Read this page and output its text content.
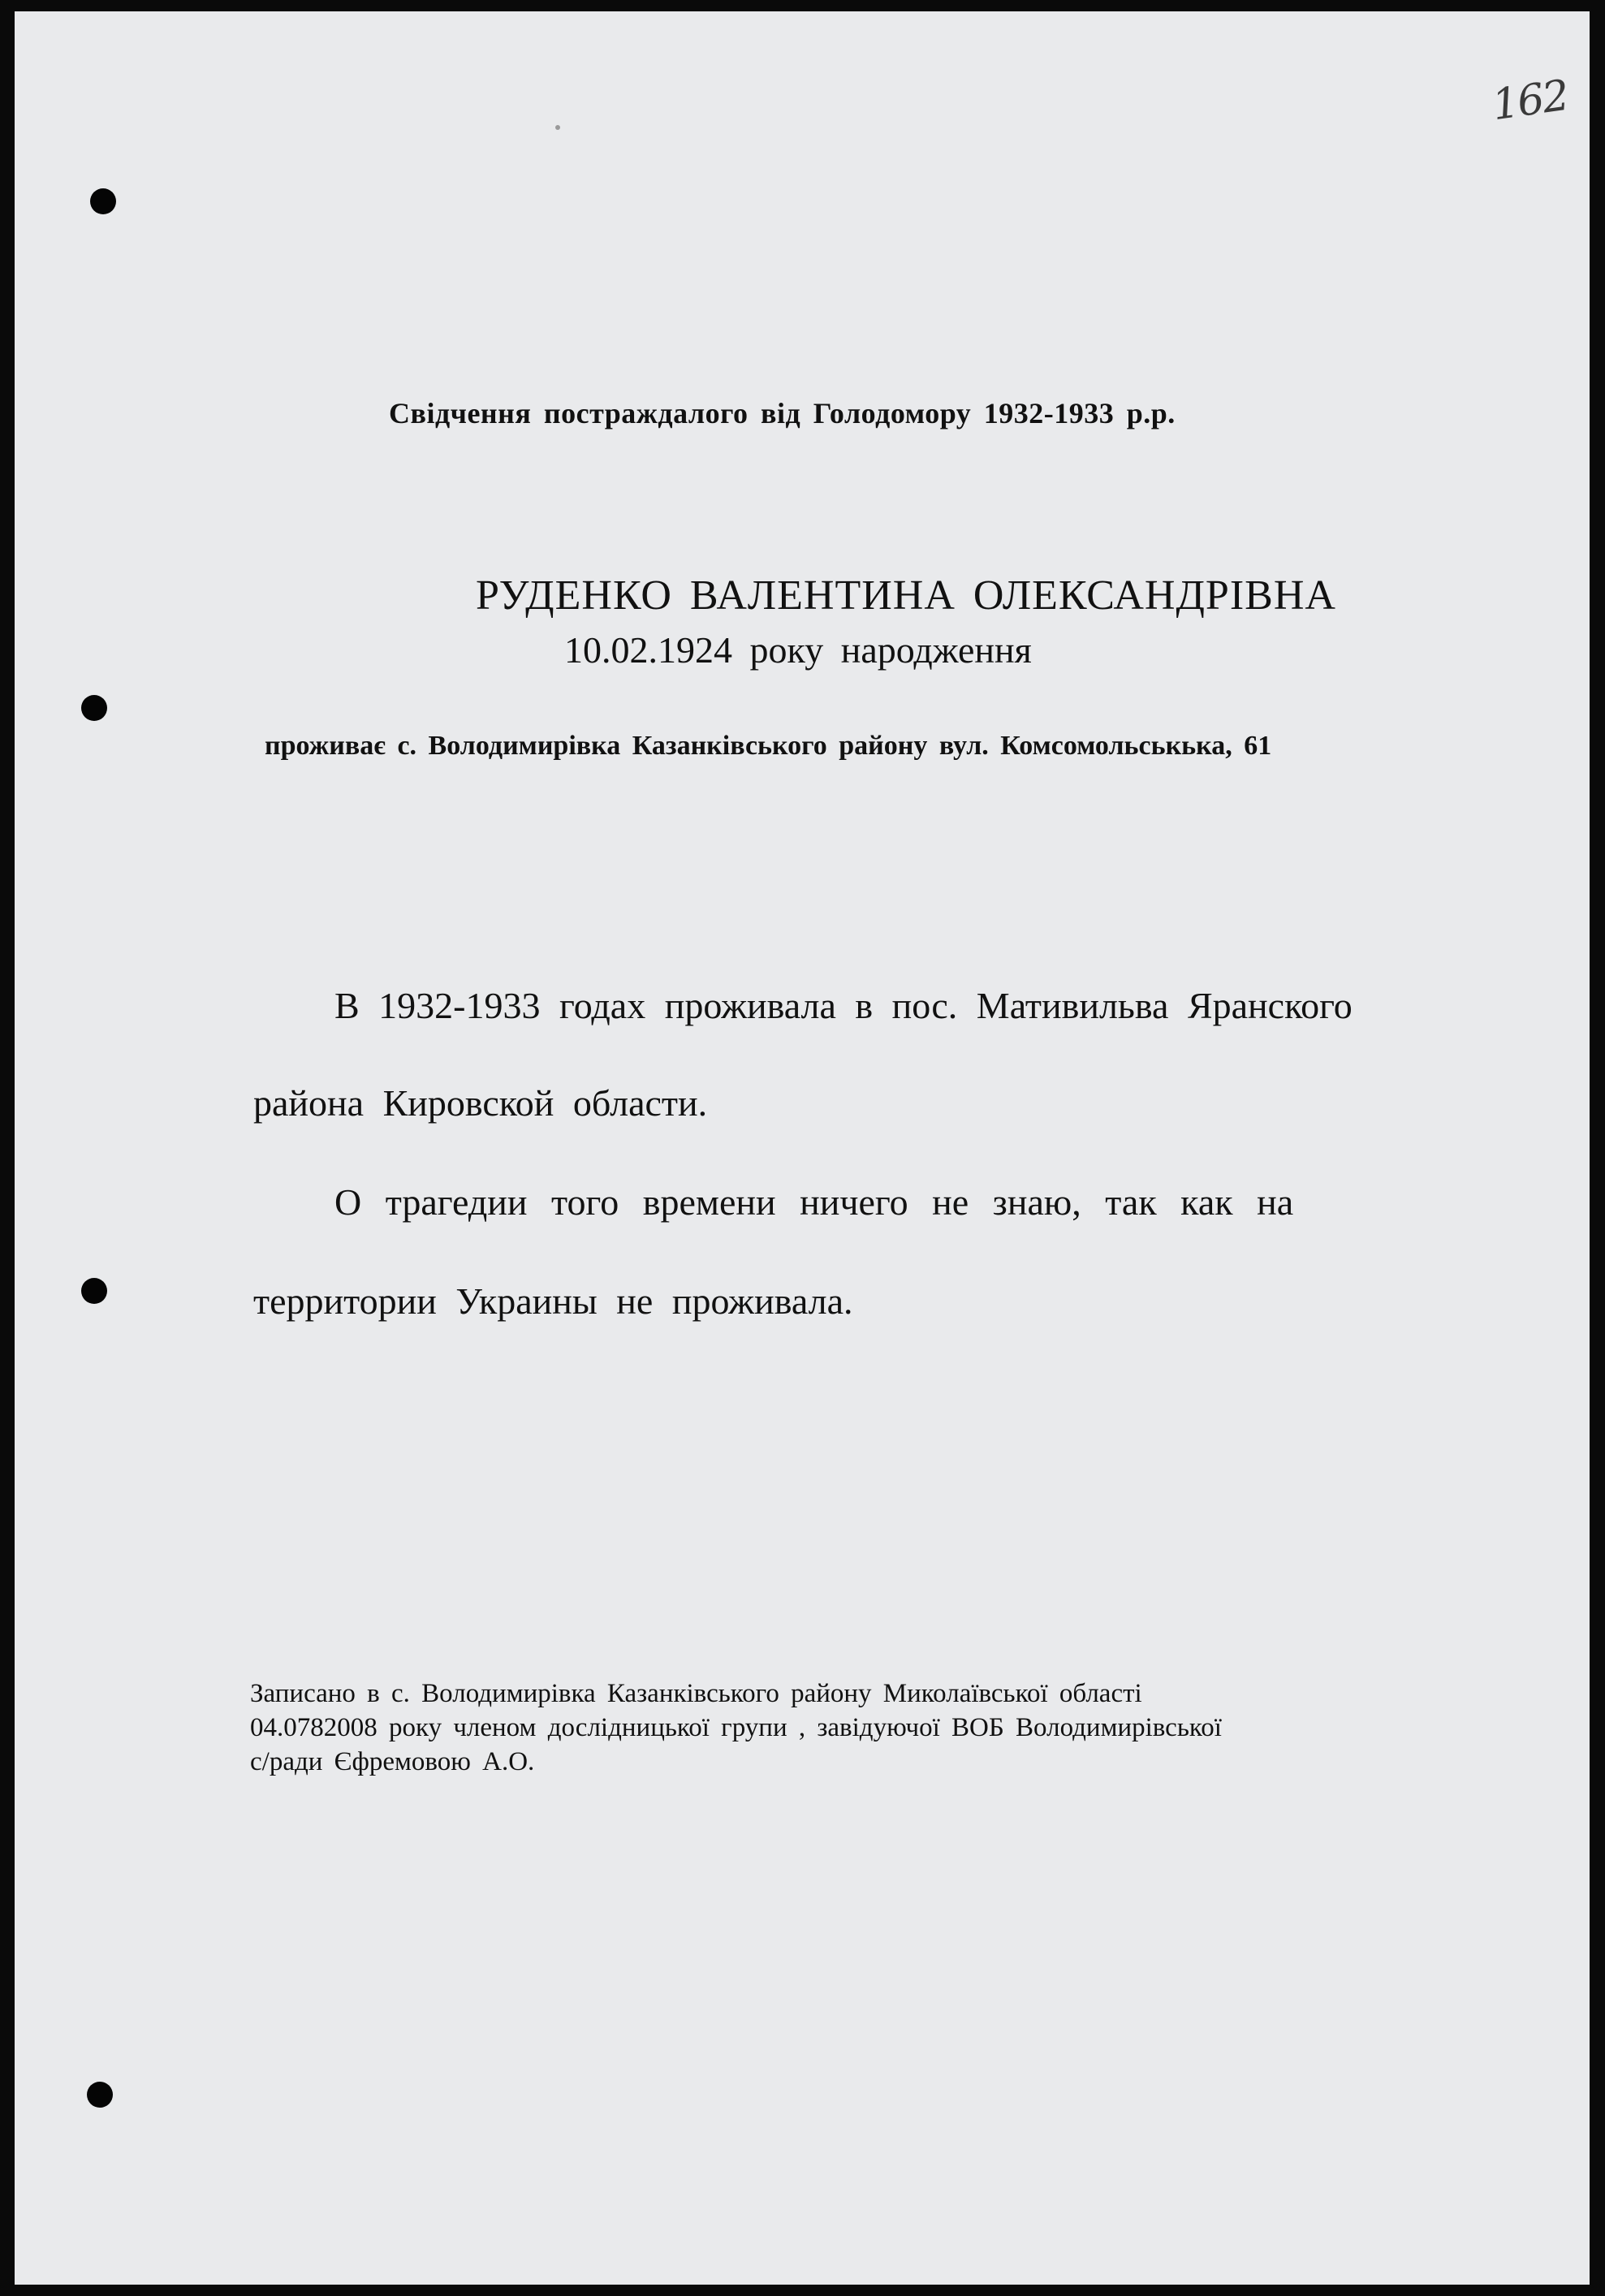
162
Свідчення постраждалого від Голодомору 1932-1933 р.р.
РУДЕНКО ВАЛЕНТИНА ОЛЕКСАНДРІВНА
10.02.1924 року народження
проживає с. Володимирівка Казанківського району вул. Комсомольськька, 61
В 1932-1933 годах проживала в пос. Мативильва Яранского
района Кировской области.
О трагедии того времени ничего не знаю, так как на
территории Украины не проживала.
Записано в с. Володимирівка Казанківського району Миколаївської області
04.0782008 року членом дослідницької групи , завідуючої ВОБ Володимирівської
с/ради Єфремовою А.О.
